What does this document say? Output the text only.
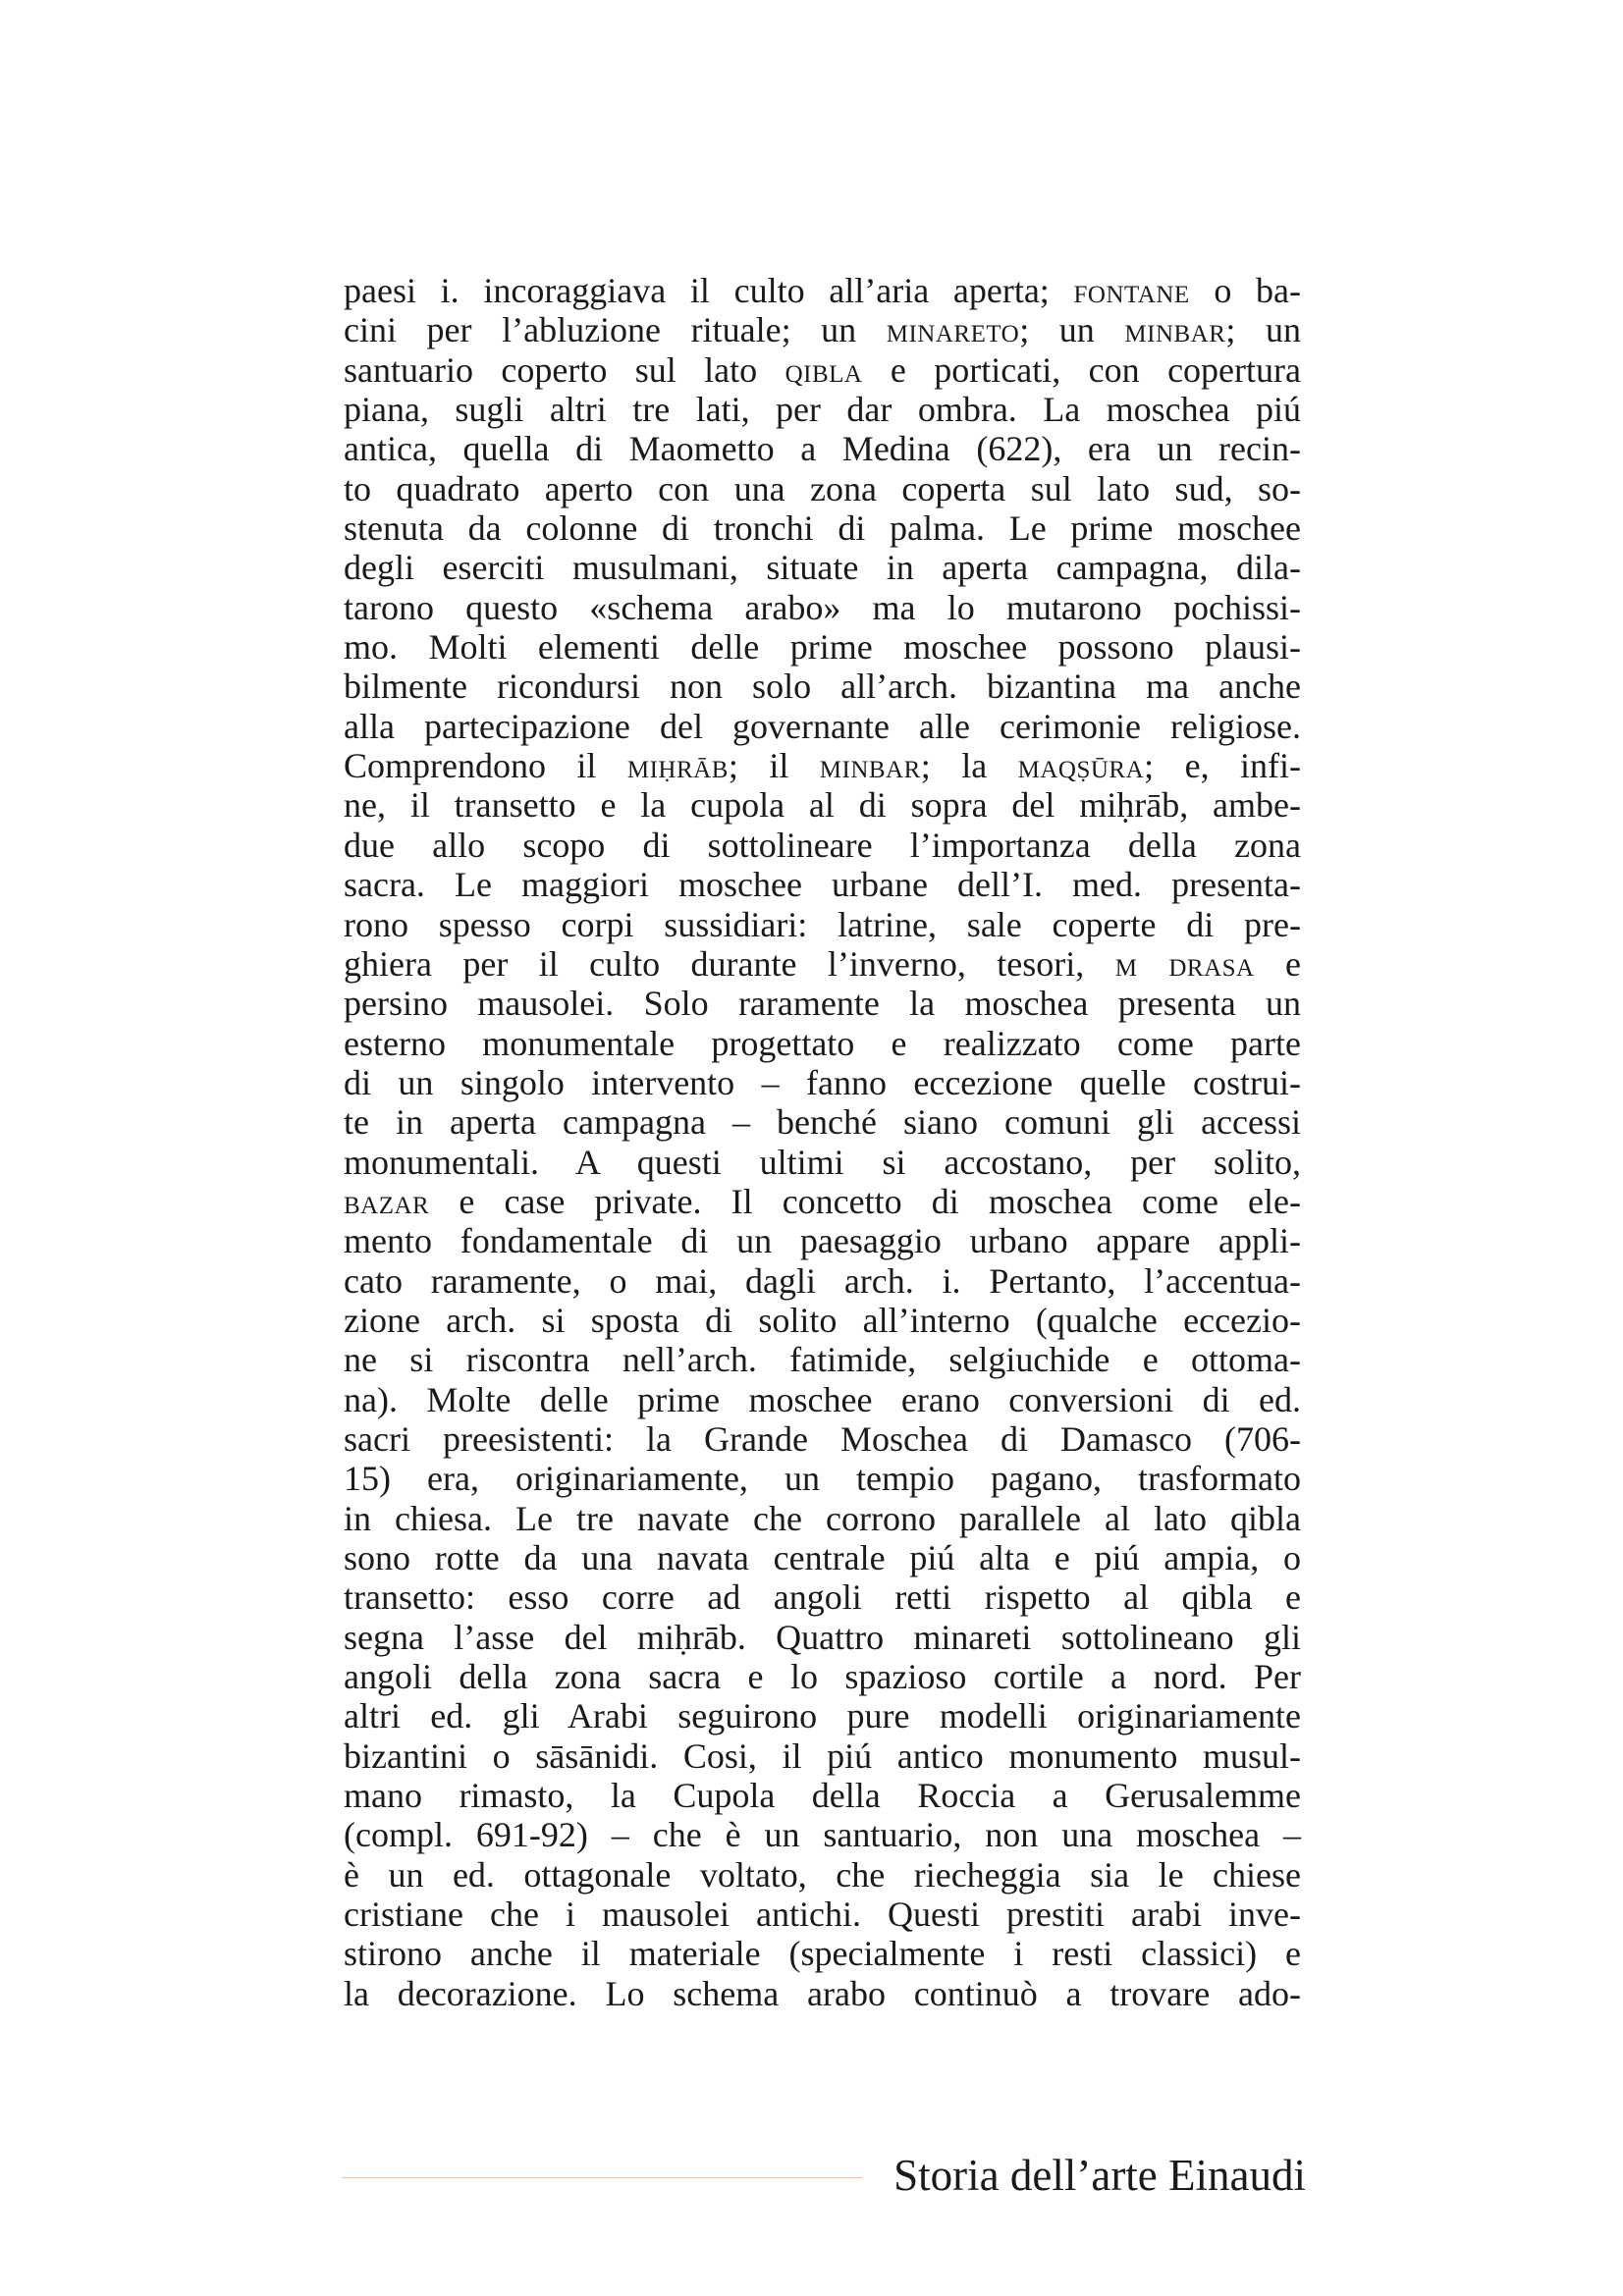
paesi i. incoraggiava il culto all’aria aperta; fontane o ba-
cini per l’abluzione rituale; un minareto; un minbar; un
santuario coperto sul lato qibla e porticati, con copertura
piana, sugli altri tre lati, per dar ombra. La moschea piú
antica, quella di Maometto a Medina (622), era un recin-
to quadrato aperto con una zona coperta sul lato sud, so-
stenuta da colonne di tronchi di palma. Le prime moschee
degli eserciti musulmani, situate in aperta campagna, dila-
tarono questo «schema arabo» ma lo mutarono pochissi-
mo. Molti elementi delle prime moschee possono plausi-
bilmente ricondursi non solo all’arch. bizantina ma anche
alla partecipazione del governante alle cerimonie religiose.
Comprendono il miḥrāb; il minbar; la maqṣūra; e, infi-
ne, il transetto e la cupola al di sopra del miḥrāb, ambe-
due allo scopo di sottolineare l’importanza della zona
sacra. Le maggiori moschee urbane dell’I. med. presenta-
rono spesso corpi sussidiari: latrine, sale coperte di pre-
ghiera per il culto durante l’inverno, tesori, m drasa e
persino mausolei. Solo raramente la moschea presenta un
esterno monumentale progettato e realizzato come parte
di un singolo intervento – fanno eccezione quelle costrui-
te in aperta campagna – benché siano comuni gli accessi
monumentali. A questi ultimi si accostano, per solito,
bazar e case private. Il concetto di moschea come ele-
mento fondamentale di un paesaggio urbano appare appli-
cato raramente, o mai, dagli arch. i. Pertanto, l’accentua-
zione arch. si sposta di solito all’interno (qualche eccezio-
ne si riscontra nell’arch. fatimide, selgiuchide e ottoma-
na). Molte delle prime moschee erano conversioni di ed.
sacri preesistenti: la Grande Moschea di Damasco (706-
15) era, originariamente, un tempio pagano, trasformato
in chiesa. Le tre navate che corrono parallele al lato qibla
sono rotte da una navata centrale piú alta e piú ampia, o
transetto: esso corre ad angoli retti rispetto al qibla e
segna l’asse del miḥrāb. Quattro minareti sottolineano gli
angoli della zona sacra e lo spazioso cortile a nord. Per
altri ed. gli Arabi seguirono pure modelli originariamente
bizantini o sāsānidi. Cosi, il piú antico monumento musul-
mano rimasto, la Cupola della Roccia a Gerusalemme
(compl. 691-92) – che è un santuario, non una moschea –
è un ed. ottagonale voltato, che riecheggia sia le chiese
cristiane che i mausolei antichi. Questi prestiti arabi inve-
stirono anche il materiale (specialmente i resti classici) e
la decorazione. Lo schema arabo continuò a trovare ado-
Storia dell’arte Einaudi
